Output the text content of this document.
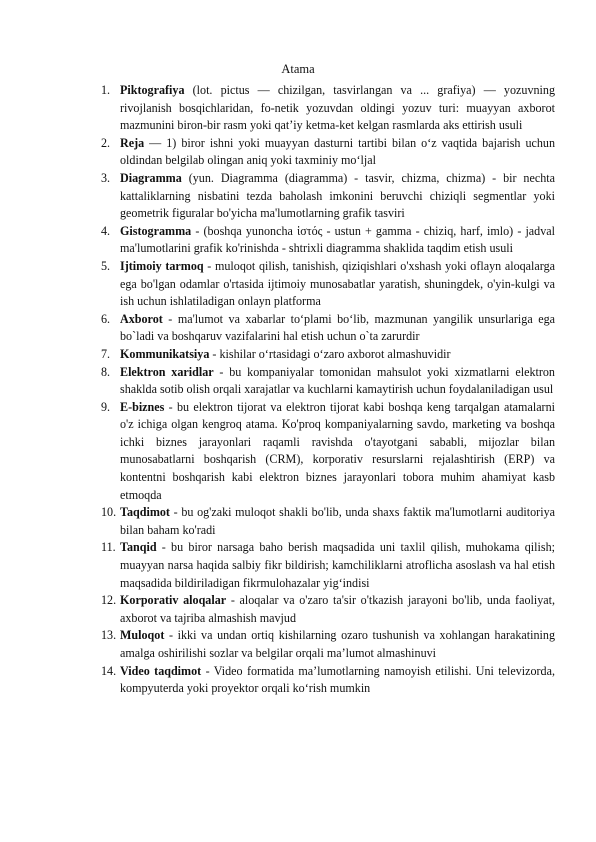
Atama
1. Piktografiya (lot. pictus — chizilgan, tasvirlangan va ... grafiya) — yozuvning rivojlanish bosqichlaridan, fo-netik yozuvdan oldingi yozuv turi: muayyan axborot mazmunini biron-bir rasm yoki qat’iy ketma-ket kelgan rasmlarda aks ettirish usuli
2. Reja — 1) biror ishni yoki muayyan dasturni tartibi bilan o‘z vaqtida bajarish uchun oldindan belgilab olingan aniq yoki taxminiy mo‘ljal
3. Diagramma (yun. Diagramma (diagramma) - tasvir, chizma, chizma) - bir nechta kattaliklarning nisbatini tezda baholash imkonini beruvchi chiziqli segmentlar yoki geometrik figuralar bo'yicha ma'lumotlarning grafik tasviri
4. Gistogramma - (boshqa yunoncha ἱστός - ustun + gamma - chiziq, harf, imlo) - jadval ma'lumotlarini grafik ko'rinishda - shtrixli diagramma shaklida taqdim etish usuli
5. Ijtimoiy tarmoq - muloqot qilish, tanishish, qiziqishlari o'xshash yoki oflayn aloqalarga ega bo'lgan odamlar o'rtasida ijtimoiy munosabatlar yaratish, shuningdek, o'yin-kulgi va ish uchun ishlatiladigan onlayn platforma
6. Axborot - ma'lumot va xabarlar to‘plami bo‘lib, mazmunan yangilik unsurlariga ega bo`ladi va boshqaruv vazifalarini hal etish uchun o`ta zarurdir
7. Kommunikatsiya - kishilar o‘rtasidagi o‘zaro axborot almashuvidir
8. Elektron xaridlar - bu kompaniyalar tomonidan mahsulot yoki xizmatlarni elektron shaklda sotib olish orqali xarajatlar va kuchlarni kamaytirish uchun foydalaniladigan usul
9. E-biznes - bu elektron tijorat va elektron tijorat kabi boshqa keng tarqalgan atamalarni o'z ichiga olgan kengroq atama. Ko'proq kompaniyalarning savdo, marketing va boshqa ichki biznes jarayonlari raqamli ravishda o'tayotgani sababli, mijozlar bilan munosabatlarni boshqarish (CRM), korporativ resurslarni rejalashtirish (ERP) va kontentni boshqarish kabi elektron biznes jarayonlari tobora muhim ahamiyat kasb etmoqda
10. Taqdimot - bu og'zaki muloqot shakli bo'lib, unda shaxs faktik ma'lumotlarni auditoriya bilan baham ko'radi
11. Tanqid - bu biror narsaga baho berish maqsadida uni taxlil qilish, muhokama qilish; muayyan narsa haqida salbiy fikr bildirish; kamchiliklarni atroflicha asoslash va hal etish maqsadida bildiriladigan fikrmulohazalar yig‘indisi
12. Korporativ aloqalar - aloqalar va o'zaro ta'sir o'tkazish jarayoni bo'lib, unda faoliyat, axborot va tajriba almashish mavjud
13. Muloqot - ikki va undan ortiq kishilarning ozaro tushunish va xohlangan harakatining amalga oshirilishi sozlar va belgilar orqali ma’lumot almashinuvi
14. Video taqdimot - Video formatida ma’lumotlarning namoyish etilishi. Uni televizorda, kompyuterda yoki proyektor orqali ko‘rish mumkin
